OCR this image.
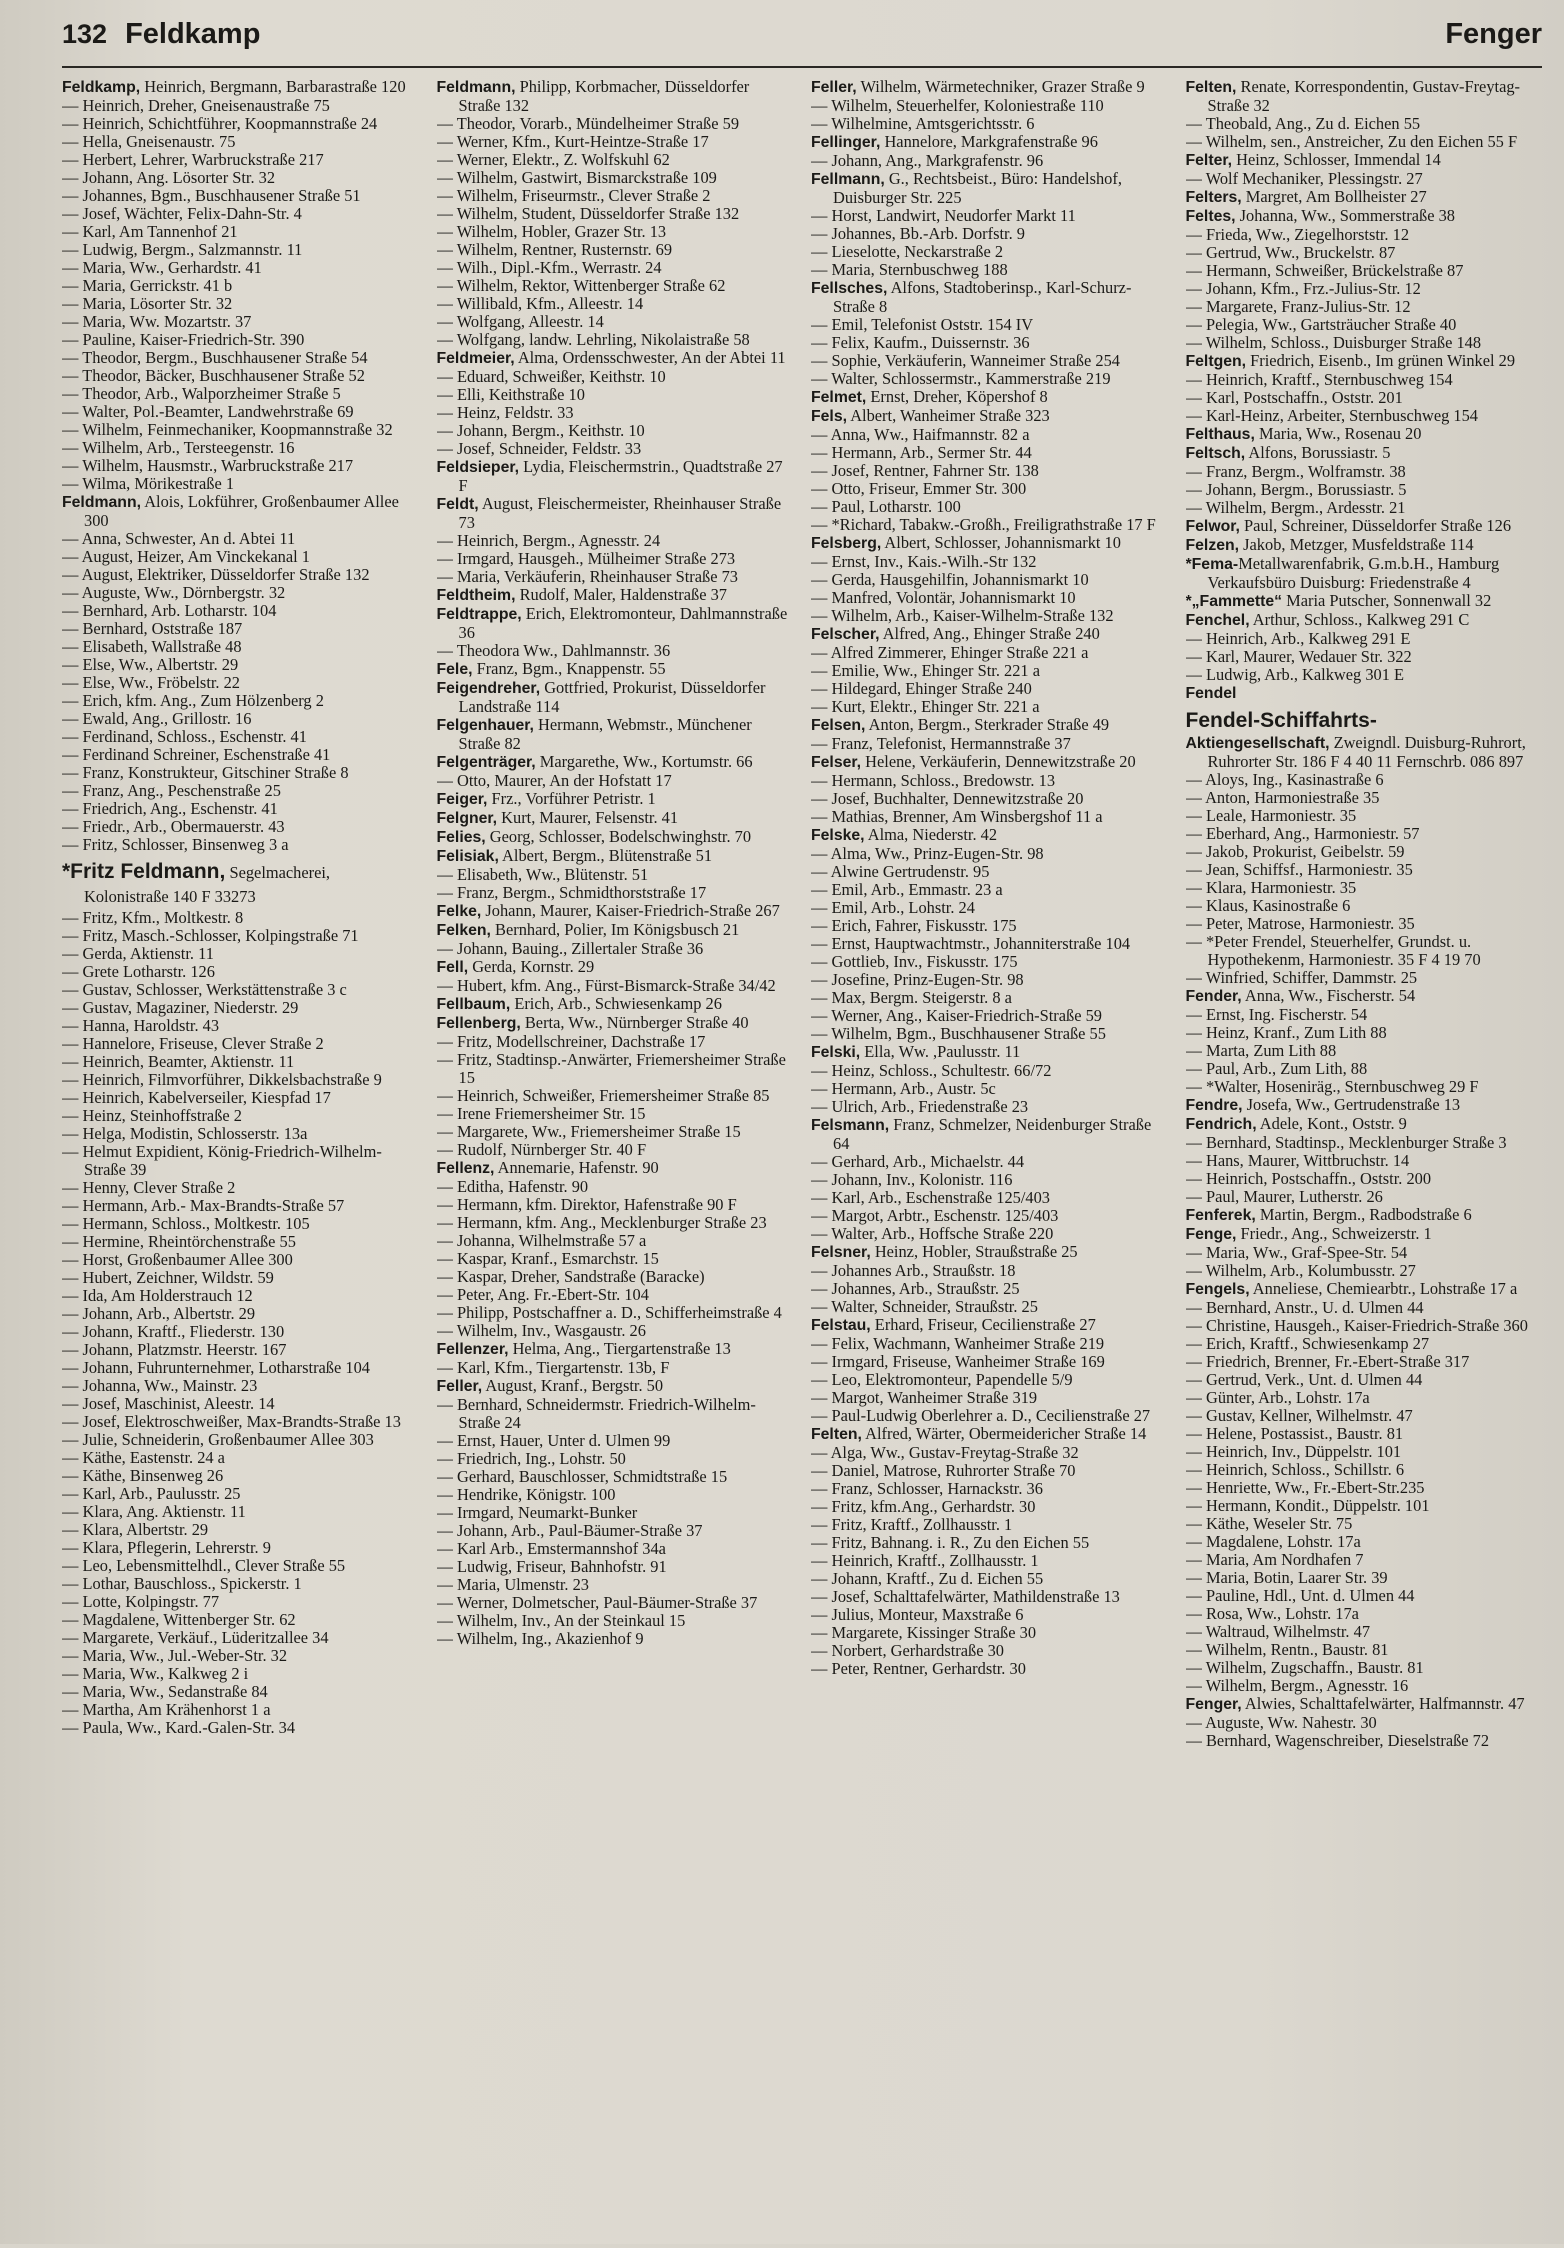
132 Feldkamp	Fenger

Feldkamp, Heinrich, Bergmann, Barbarastraße 120

— Heinrich, Dreher, Gneisenaustraße 75

— Heinrich, Schichtführer, Koopmannstraße 24

— Hella, Gneisenaustr. 75

— Herbert, Lehrer, Warbruckstraße 217

— Johann, Ang. Lösorter Str. 32

— Johannes, Bgm., Buschhausener Straße 51

— Josef, Wächter, Felix-Dahn-Str. 4

— Karl, Am Tannenhof 21

— Ludwig, Bergm., Salzmannstr. 11

— Maria, Ww., Gerhardstr. 41

— Maria, Gerrickstr. 41 b

— Maria, Lösorter Str. 32

— Maria, Ww. Mozartstr. 37

— Pauline, Kaiser-Friedrich-Str. 390

— Theodor, Bergm., Buschhausener Straße 54

— Theodor, Bäcker, Buschhausener Straße 52

— Theodor, Arb., Walporzheimer Straße 5

— Walter, Pol.-Beamter, Landwehrstraße 69

— Wilhelm, Feinmechaniker, Koopmannstraße 32

— Wilhelm, Arb., Tersteegenstr. 16

— Wilhelm, Hausmstr., Warbruckstraße 217

— Wilma, Mörikestraße 1

Feldmann, Alois, Lokführer, Großenbaumer Allee 300

— Anna, Schwester, An d. Abtei 11

— August, Heizer, Am Vinckekanal 1

— August, Elektriker, Düsseldorfer Straße 132

— Auguste, Ww., Dörnbergstr. 32

— Bernhard, Arb. Lotharstr. 104

— Bernhard, Oststraße 187

— Elisabeth, Wallstraße 48

— Else, Ww., Albertstr. 29

— Else, Ww., Fröbelstr. 22

— Erich, kfm. Ang., Zum Hölzenberg 2

— Ewald, Ang., Grillostr. 16

— Ferdinand, Schloss., Eschenstr. 41

— Ferdinand Schreiner, Eschenstraße 41

— Franz, Konstrukteur, Gitschiner Straße 8

— Franz, Ang., Peschenstraße 25

— Friedrich, Ang., Eschenstr. 41

— Friedr., Arb., Obermauerstr. 43

— Fritz, Schlosser, Binsenweg 3 a

*Fritz Feldmann, Segelmacherei, Kolonistraße 140 F 33273

— Fritz, Kfm., Moltkestr. 8

— Fritz, Masch.-Schlosser, Kolpingstraße 71

— Gerda, Aktienstr. 11

— Grete Lotharstr. 126

— Gustav, Schlosser, Werkstättenstraße 3 c

— Gustav, Magaziner, Niederstr. 29

— Hanna, Haroldstr. 43

— Hannelore, Friseuse, Clever Straße 2

— Heinrich, Beamter, Aktienstr. 11

— Heinrich, Filmvorführer, Dikkelsbachstraße 9

— Heinrich, Kabelverseiler, Kiespfad 17

— Heinz, Steinhoffstraße 2

— Helga, Modistin, Schlosserstr. 13a

— Helmut Expidient, König-Friedrich-Wilhelm-Straße 39

— Henny, Clever Straße 2

— Hermann, Arb.- Max-Brandts-Straße 57

— Hermann, Schloss., Moltkestr. 105

— Hermine, Rheintörchenstraße 55

— Horst, Großenbaumer Allee 300

— Hubert, Zeichner, Wildstr. 59

— Ida, Am Holderstrauch 12

— Johann, Arb., Albertstr. 29

— Johann, Kraftf., Fliederstr. 130

— Johann, Platzmstr. Heerstr. 167

— Johann, Fuhrunternehmer, Lotharstraße 104

— Johanna, Ww., Mainstr. 23

— Josef, Maschinist, Aleestr. 14

— Josef, Elektroschweißer, Max-Brandts-Straße 13

— Julie, Schneiderin, Großenbaumer Allee 303

— Käthe, Eastenstr. 24 a

— Käthe, Binsenweg 26

— Karl, Arb., Paulusstr. 25

— Klara, Ang. Aktienstr. 11

— Klara, Albertstr. 29

— Klara, Pflegerin, Lehrerstr. 9

— Leo, Lebensmittelhdl., Clever Straße 55

— Lothar, Bauschloss., Spickerstr. 1

— Lotte, Kolpingstr. 77

— Magdalene, Wittenberger Str. 62

— Margarete, Verkäuf., Lüderitzallee 34

— Maria, Ww., Jul.-Weber-Str. 32

— Maria, Ww., Kalkweg 2 i

— Maria, Ww., Sedanstraße 84

— Martha, Am Krähenhorst 1 a

— Paula, Ww., Kard.-Galen-Str. 34

Feldmann, Philipp, Korbmacher, Düsseldorfer Straße 132

— Theodor, Vorarb., Mündelheimer Straße 59

— Werner, Kfm., Kurt-Heintze-Straße 17

— Werner, Elektr., Z. Wolfskuhl 62

— Wilhelm, Gastwirt, Bismarckstraße 109

— Wilhelm, Friseurmstr., Clever Straße 2

— Wilhelm, Student, Düsseldorfer Straße 132

— Wilhelm, Hobler, Grazer Str. 13

— Wilhelm, Rentner, Rusternstr. 69

— Wilh., Dipl.-Kfm., Werrastr. 24

— Wilhelm, Rektor, Wittenberger Straße 62

— Willibald, Kfm., Alleestr. 14

— Wolfgang, Alleestr. 14

— Wolfgang, landw. Lehrling, Nikolaistraße 58

Feldmeier, Alma, Ordensschwester, An der Abtei 11

— Eduard, Schweißer, Keithstr. 10

— Elli, Keithstraße 10

— Heinz, Feldstr. 33

— Johann, Bergm., Keithstr. 10

— Josef, Schneider, Feldstr. 33

Feldsieper, Lydia, Fleischermstrin., Quadtstraße 27 F

Feldt, August, Fleischermeister, Rheinhauser Straße 73

— Heinrich, Bergm., Agnesstr. 24

— Irmgard, Hausgeh., Mülheimer Straße 273

— Maria, Verkäuferin, Rheinhauser Straße 73

Feldtheim, Rudolf, Maler, Haldenstraße 37

Feldtrappe, Erich, Elektromonteur, Dahlmannstraße 36

— Theodora Ww., Dahlmannstr. 36

Fele, Franz, Bgm., Knappenstr. 55

Feigendreher, Gottfried, Prokurist, Düsseldorfer Landstraße 114

Felgenhauer, Hermann, Webmstr., Münchener Straße 82

Felgenträger, Margarethe, Ww., Kortumstr. 66

— Otto, Maurer, An der Hofstatt 17

Feiger, Frz., Vorführer Petristr. 1

Felgner, Kurt, Maurer, Felsenstr. 41

Felies, Georg, Schlosser, Bodelschwinghstr. 70

Felisiak, Albert, Bergm., Blütenstraße 51

— Elisabeth, Ww., Blütenstr. 51

— Franz, Bergm., Schmidthorststraße 17

Felke, Johann, Maurer, Kaiser-Friedrich-Straße 267

Felken, Bernhard, Polier, Im Königsbusch 21

— Johann, Bauing., Zillertaler Straße 36

Fell, Gerda, Kornstr. 29

— Hubert, kfm. Ang., Fürst-Bismarck-Straße 34/42

Fellbaum, Erich, Arb., Schwiesenkamp 26

Fellenberg, Berta, Ww., Nürnberger Straße 40

— Fritz, Modellschreiner, Dachstraße 17

— Fritz, Stadtinsp.-Anwärter, Friemersheimer Straße 15

— Heinrich, Schweißer, Friemersheimer Straße 85

— Irene Friemersheimer Str. 15

— Margarete, Ww., Friemersheimer Straße 15

— Rudolf, Nürnberger Str. 40 F

Fellenz, Annemarie, Hafenstr. 90

— Editha, Hafenstr. 90

— Hermann, kfm. Direktor, Hafenstraße 90 F

— Hermann, kfm. Ang., Mecklenburger Straße 23

— Johanna, Wilhelmstraße 57 a

— Kaspar, Kranf., Esmarchstr. 15

— Kaspar, Dreher, Sandstraße (Baracke)

— Peter, Ang. Fr.-Ebert-Str. 104

— Philipp, Postschaffner a. D., Schifferheimstraße 4

— Wilhelm, Inv., Wasgaustr. 26

Fellenzer, Helma, Ang., Tiergartenstraße 13

— Karl, Kfm., Tiergartenstr. 13b, F

Feller, August, Kranf., Bergstr. 50

— Bernhard, Schneidermstr. Friedrich-Wilhelm-Straße 24

— Ernst, Hauer, Unter d. Ulmen 99

— Friedrich, Ing., Lohstr. 50

— Gerhard, Bauschlosser, Schmidtstraße 15

— Hendrike, Königstr. 100

— Irmgard, Neumarkt-Bunker

— Johann, Arb., Paul-Bäumer-Straße 37

— Karl Arb., Emstermannshof 34a

— Ludwig, Friseur, Bahnhofstr. 91

— Maria, Ulmenstr. 23

— Werner, Dolmetscher, Paul-Bäumer-Straße 37

— Wilhelm, Inv., An der Steinkaul 15

— Wilhelm, Ing., Akazienhof 9

Feller, Wilhelm, Wärmetechniker, Grazer Straße 9

— Wilhelm, Steuerhelfer, Koloniestraße 110

— Wilhelmine, Amtsgerichtsstr. 6

Fellinger, Hannelore, Markgrafenstraße 96

— Johann, Ang., Markgrafenstr. 96

Fellmann, G., Rechtsbeist., Büro: Handelshof, Duisburger Str. 225

— Horst, Landwirt, Neudorfer Markt 11

— Johannes, Bb.-Arb. Dorfstr. 9

— Lieselotte, Neckarstraße 2

— Maria, Sternbuschweg 188

Fellsches, Alfons, Stadtoberinsp., Karl-Schurz-Straße 8

— Emil, Telefonist Oststr. 154 IV

— Felix, Kaufm., Duissernstr. 36

— Sophie, Verkäuferin, Wanneimer Straße 254

— Walter, Schlossermstr., Kammerstraße 219

Felmet, Ernst, Dreher, Köpershof 8

Fels, Albert, Wanheimer Straße 323

— Anna, Ww., Haifmannstr. 82 a

— Hermann, Arb., Sermer Str. 44

— Josef, Rentner, Fahrner Str. 138

— Otto, Friseur, Emmer Str. 300

— Paul, Lotharstr. 100

— *Richard, Tabakw.-Großh., Freiligrathstraße 17 F

Felsberg, Albert, Schlosser, Johannismarkt 10

— Ernst, Inv., Kais.-Wilh.-Str 132

— Gerda, Hausgehilfin, Johannismarkt 10

— Manfred, Volontär, Johannismarkt 10

— Wilhelm, Arb., Kaiser-Wilhelm-Straße 132

Felscher, Alfred, Ang., Ehinger Straße 240

— Alfred Zimmerer, Ehinger Straße 221 a

— Emilie, Ww., Ehinger Str. 221 a

— Hildegard, Ehinger Straße 240

— Kurt, Elektr., Ehinger Str. 221 a

Felsen, Anton, Bergm., Sterkrader Straße 49

— Franz, Telefonist, Hermannstraße 37

Felser, Helene, Verkäuferin, Dennewitzstraße 20

— Hermann, Schloss., Bredowstr. 13

— Josef, Buchhalter, Dennewitzstraße 20

— Mathias, Brenner, Am Winsbergshof 11 a

Felske, Alma, Niederstr. 42

— Alma, Ww., Prinz-Eugen-Str. 98

— Alwine Gertrudenstr. 95

— Emil, Arb., Emmastr. 23 a

— Emil, Arb., Lohstr. 24

— Erich, Fahrer, Fiskusstr. 175

— Ernst, Hauptwachtmstr., Johanniterstraße 104

— Gottlieb, Inv., Fiskusstr. 175

— Josefine, Prinz-Eugen-Str. 98

— Max, Bergm. Steigerstr. 8 a

— Werner, Ang., Kaiser-Friedrich-Straße 59

— Wilhelm, Bgm., Buschhausener Straße 55

Felski, Ella, Ww. ,Paulusstr. 11

— Heinz, Schloss., Schultestr. 66/72

— Hermann, Arb., Austr. 5c

— Ulrich, Arb., Friedenstraße 23

Felsmann, Franz, Schmelzer, Neidenburger Straße 64

— Gerhard, Arb., Michaelstr. 44

— Johann, Inv., Kolonistr. 116

— Karl, Arb., Eschenstraße 125/403

— Margot, Arbtr., Eschenstr. 125/403

— Walter, Arb., Hoffsche Straße 220

Felsner, Heinz, Hobler, Straußstraße 25

— Johannes Arb., Straußstr. 18

— Johannes, Arb., Straußstr. 25

— Walter, Schneider, Straußstr. 25

Felstau, Erhard, Friseur, Cecilienstraße 27

— Felix, Wachmann, Wanheimer Straße 219

— Irmgard, Friseuse, Wanheimer Straße 169

— Leo, Elektromonteur, Papendelle 5/9

— Margot, Wanheimer Straße 319

— Paul-Ludwig Oberlehrer a. D., Cecilienstraße 27

Felten, Alfred, Wärter, Obermeidericher Straße 14

— Alga, Ww., Gustav-Freytag-Straße 32

— Daniel, Matrose, Ruhrorter Straße 70

— Franz, Schlosser, Harnackstr. 36

— Fritz, kfm.Ang., Gerhardstr. 30

— Fritz, Kraftf., Zollhausstr. 1

— Fritz, Bahnang. i. R., Zu den Eichen 55

— Heinrich, Kraftf., Zollhausstr. 1

— Johann, Kraftf., Zu d. Eichen 55

— Josef, Schalttafelwärter, Mathildenstraße 13

— Julius, Monteur, Maxstraße 6

— Margarete, Kissinger Straße 30

— Norbert, Gerhardstraße 30

— Peter, Rentner, Gerhardstr. 30

Felten, Renate, Korrespondentin, Gustav-Freytag-Straße 32

— Theobald, Ang., Zu d. Eichen 55

— Wilhelm, sen., Anstreicher, Zu den Eichen 55 F

Felter, Heinz, Schlosser, Immendal 14

— Wolf Mechaniker, Plessingstr. 27

Felters, Margret, Am Bollheister 27

Feltes, Johanna, Ww., Sommerstraße 38

— Frieda, Ww., Ziegelhorststr. 12

— Gertrud, Ww., Bruckelstr. 87

— Hermann, Schweißer, Brückelstraße 87

— Johann, Kfm., Frz.-Julius-Str. 12

— Margarete, Franz-Julius-Str. 12

— Pelegia, Ww., Gartsträucher Straße 40

— Wilhelm, Schloss., Duisburger Straße 148

Feltgen, Friedrich, Eisenb., Im grünen Winkel 29

— Heinrich, Kraftf., Sternbuschweg 154

— Karl, Postschaffn., Oststr. 201

— Karl-Heinz, Arbeiter, Sternbuschweg 154

Felthaus, Maria, Ww., Rosenau 20

Feltsch, Alfons, Borussiastr. 5

— Franz, Bergm., Wolframstr. 38

— Johann, Bergm., Borussiastr. 5

— Wilhelm, Bergm., Ardesstr. 21

Felwor, Paul, Schreiner, Düsseldorfer Straße 126

Felzen, Jakob, Metzger, Musfeldstraße 114

*Fema-Metallwarenfabrik, G.m.b.H., Hamburg Verkaufsbüro Duisburg: Friedenstraße 4

*„Fammette“ Maria Putscher, Sonnenwall 32

Fenchel, Arthur, Schloss., Kalkweg 291 C

— Heinrich, Arb., Kalkweg 291 E

— Karl, Maurer, Wedauer Str. 322

— Ludwig, Arb., Kalkweg 301 E

Fendel

Fendel-Schiffahrts-

Aktiengesellschaft, Zweigndl. Duisburg-Ruhrort, Ruhrorter Str. 186 F 4 40 11 Fernschrb. 086 897

— Aloys, Ing., Kasinastraße 6

— Anton, Harmoniestraße 35

— Leale, Harmoniestr. 35

— Eberhard, Ang., Harmoniestr. 57

— Jakob, Prokurist, Geibelstr. 59

— Jean, Schiffsf., Harmoniestr. 35

— Klara, Harmoniestr. 35

— Klaus, Kasinostraße 6

— Peter, Matrose, Harmoniestr. 35

— *Peter Frendel, Steuerhelfer, Grundst. u. Hypothekenm, Harmoniestr. 35 F 4 19 70

— Winfried, Schiffer, Dammstr. 25

Fender, Anna, Ww., Fischerstr. 54

— Ernst, Ing. Fischerstr. 54

— Heinz, Kranf., Zum Lith 88

— Marta, Zum Lith 88

— Paul, Arb., Zum Lith, 88

— *Walter, Hoseniräg., Sternbuschweg 29 F

Fendre, Josefa, Ww., Gertrudenstraße 13

Fendrich, Adele, Kont., Oststr. 9

— Bernhard, Stadtinsp., Mecklenburger Straße 3

— Hans, Maurer, Wittbruchstr. 14

— Heinrich, Postschaffn., Oststr. 200

— Paul, Maurer, Lutherstr. 26

Fenferek, Martin, Bergm., Radbodstraße 6

Fenge, Friedr., Ang., Schweizerstr. 1

— Maria, Ww., Graf-Spee-Str. 54

— Wilhelm, Arb., Kolumbusstr. 27

Fengels, Anneliese, Chemiearbtr., Lohstraße 17 a

— Bernhard, Anstr., U. d. Ulmen 44

— Christine, Hausgeh., Kaiser-Friedrich-Straße 360

— Erich, Kraftf., Schwiesenkamp 27

— Friedrich, Brenner, Fr.-Ebert-Straße 317

— Gertrud, Verk., Unt. d. Ulmen 44

— Günter, Arb., Lohstr. 17a

— Gustav, Kellner, Wilhelmstr. 47

— Helene, Postassist., Baustr. 81

— Heinrich, Inv., Düppelstr. 101

— Heinrich, Schloss., Schillstr. 6

— Henriette, Ww., Fr.-Ebert-Str.235

— Hermann, Kondit., Düppelstr. 101

— Käthe, Weseler Str. 75

— Magdalene, Lohstr. 17a

— Maria, Am Nordhafen 7

— Maria, Botin, Laarer Str. 39

— Pauline, Hdl., Unt. d. Ulmen 44

— Rosa, Ww., Lohstr. 17a

— Waltraud, Wilhelmstr. 47

— Wilhelm, Rentn., Baustr. 81

— Wilhelm, Zugschaffn., Baustr. 81

— Wilhelm, Bergm., Agnesstr. 16

Fenger, Alwies, Schalttafelwärter, Halfmannstr. 47

— Auguste, Ww. Nahestr. 30

— Bernhard, Wagenschreiber, Dieselstraße 72
